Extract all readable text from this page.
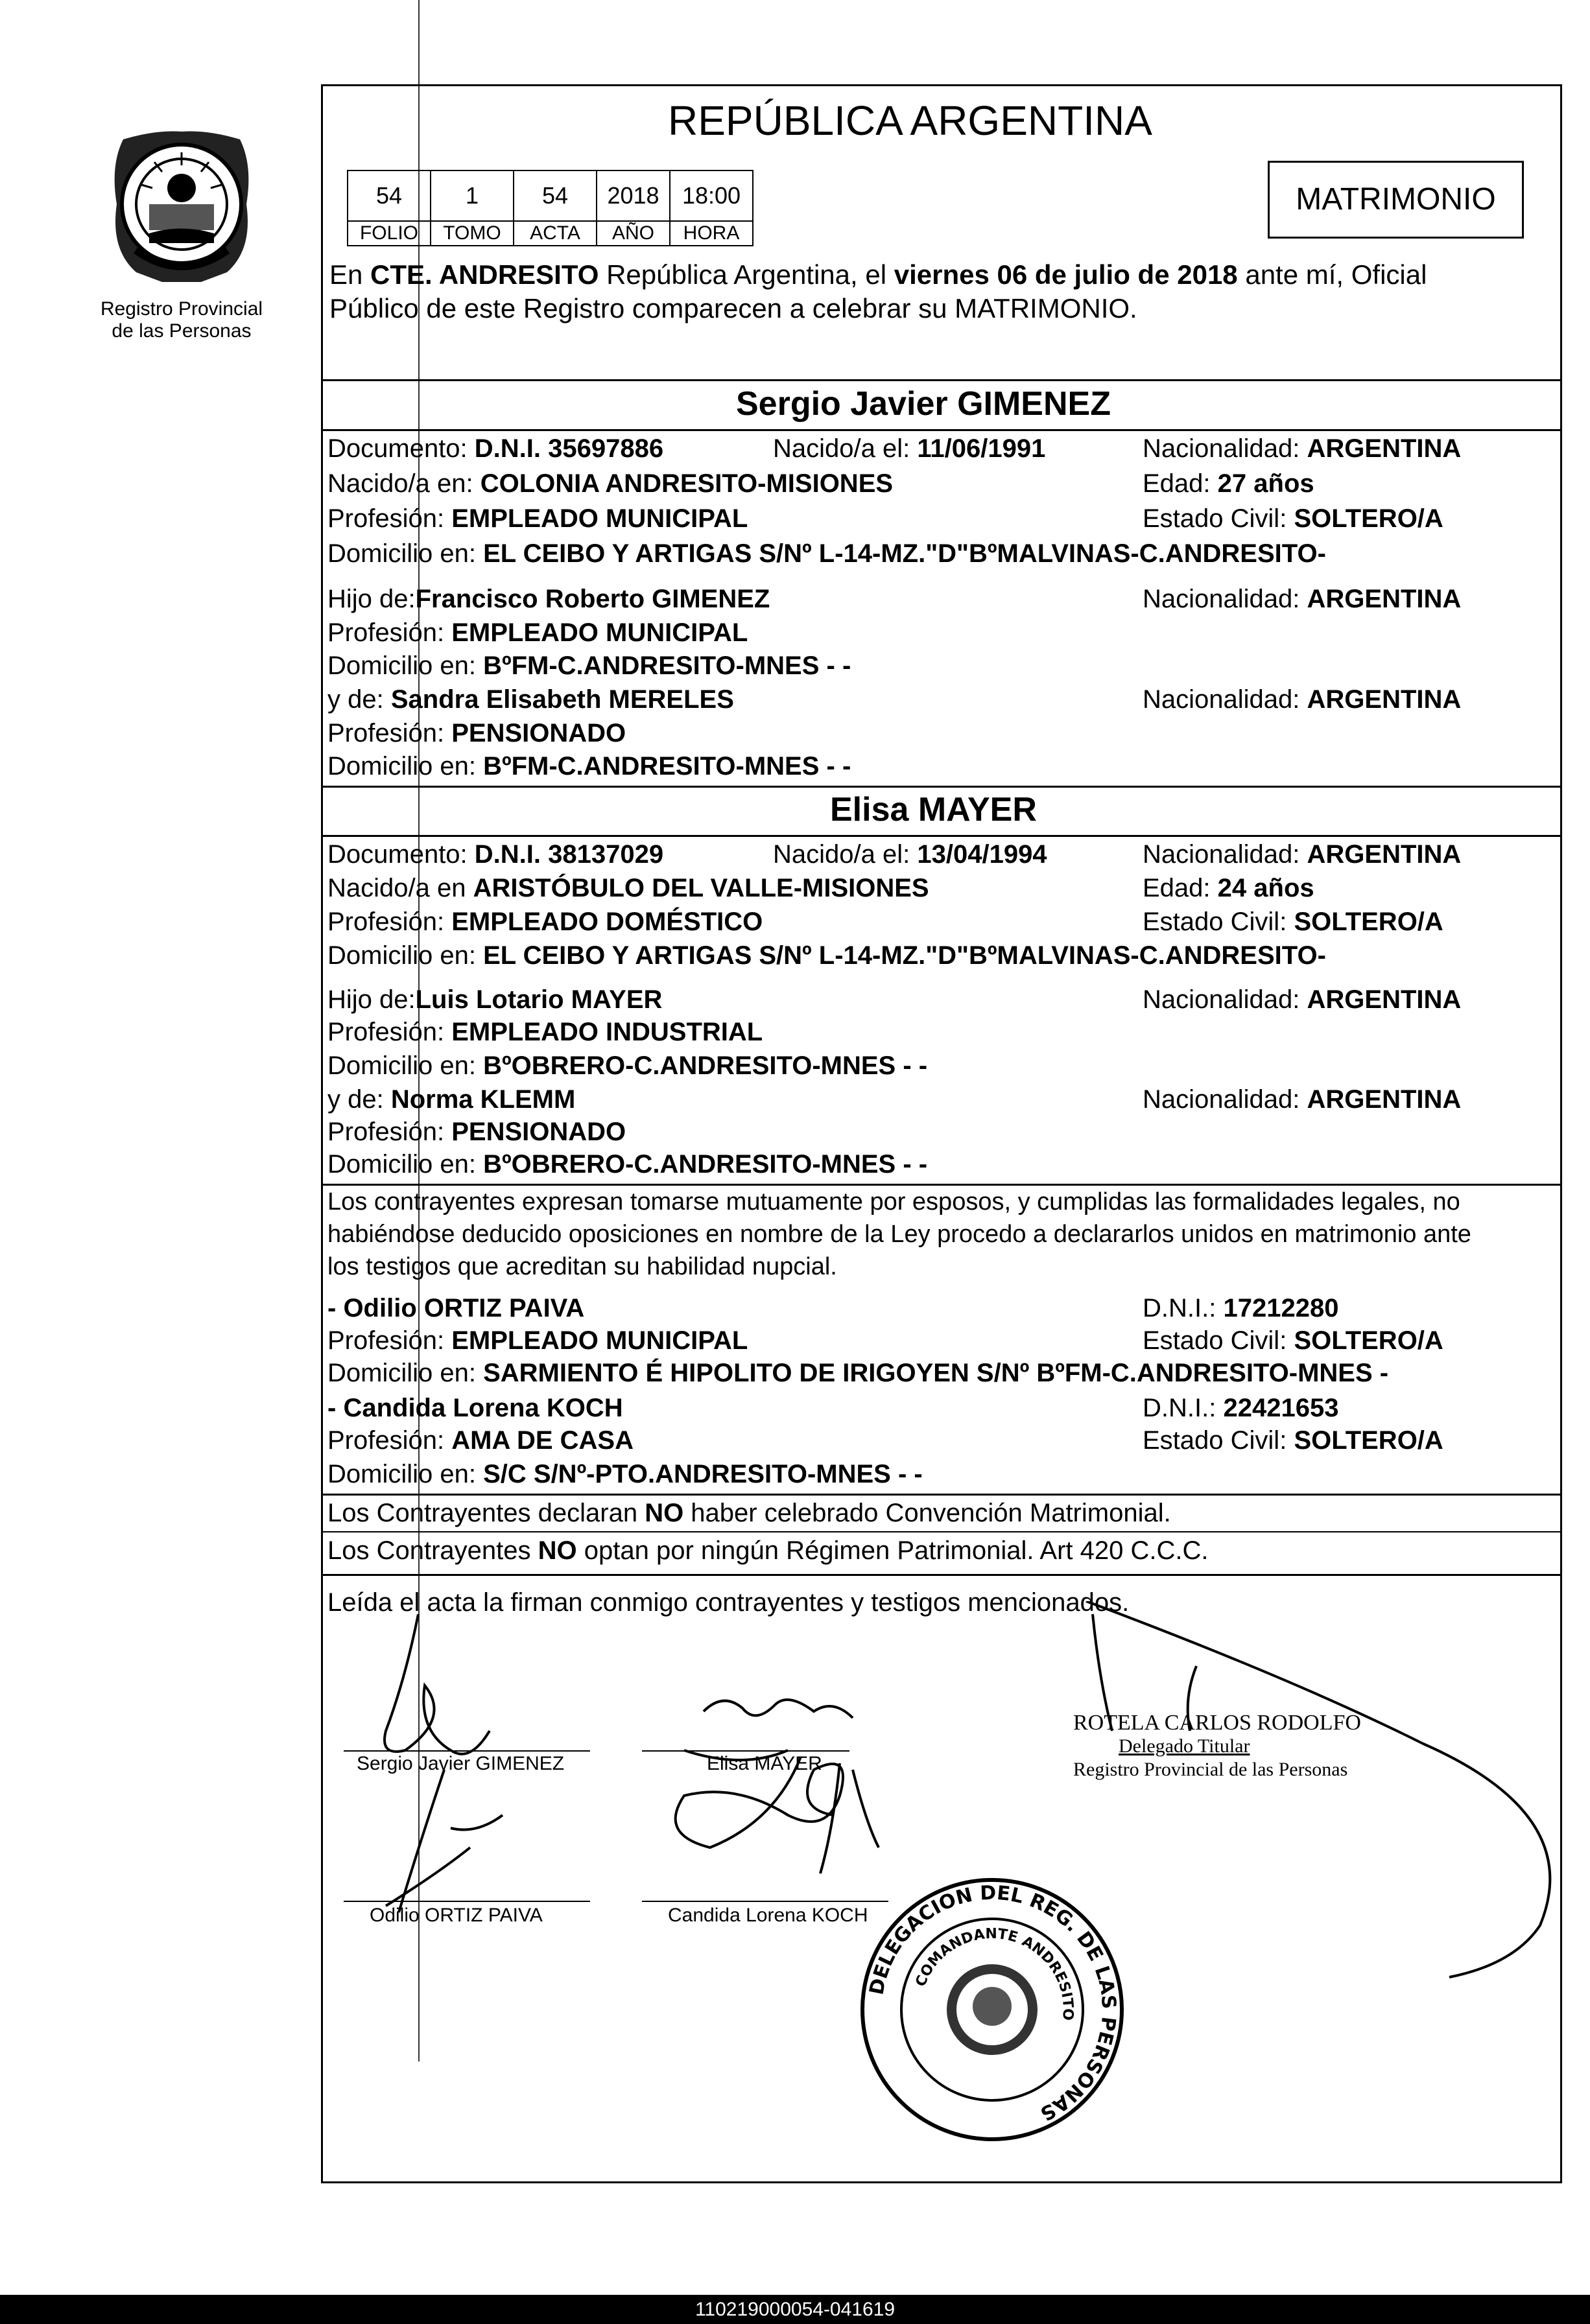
Registro Provincial
de las Personas
REPÚBLICA ARGENTINA
54	1	54	2018 18:00
FOLIO	TOMO	ACTA	AÑO	HORA
MATRIMONIO
En CTE. ANDRESITO República Argentina, el viernes 06 de julio de 2018 ante mí, Oficial
Público de este Registro comparecen a celebrar su MATRIMONIO.
Sergio Javier GIMENEZ
Documento: D.N.I. 35697886	Nacido/a el: 11/06/1991	Nacionalidad: ARGENTINA
Nacido/a en: COLONIA ANDRESITO-MISIONES	Edad: 27 años
Profesión: EMPLEADO MUNICIPAL	Estado Civil: SOLTERO/A
Domicilio en: EL CEIBO Y ARTIGAS S/Nº L-14-MZ."D"BºMALVINAS-C.ANDRESITO-
Hijo de:Francisco Roberto GIMENEZ	Nacionalidad: ARGENTINA
Profesión: EMPLEADO MUNICIPAL
Domicilio en: BºFM-C.ANDRESITO-MNES - -
y de: Sandra Elisabeth MERELES	Nacionalidad: ARGENTINA
Profesión: PENSIONADO
Domicilio en: BºFM-C.ANDRESITO-MNES - -
Elisa MAYER
Documento: D.N.I. 38137029	Nacido/a el: 13/04/1994	Nacionalidad: ARGENTINA
Nacido/a en ARISTÓBULO DEL VALLE-MISIONES	Edad: 24 años
Profesión: EMPLEADO DOMÉSTICO	Estado Civil: SOLTERO/A
Domicilio en: EL CEIBO Y ARTIGAS S/Nº L-14-MZ."D"BºMALVINAS-C.ANDRESITO-
Hijo de:Luis Lotario MAYER	Nacionalidad: ARGENTINA
Profesión: EMPLEADO INDUSTRIAL
Domicilio en: BºOBRERO-C.ANDRESITO-MNES - -
y de: Norma KLEMM	Nacionalidad: ARGENTINA
Profesión: PENSIONADO
Domicilio en: BºOBRERO-C.ANDRESITO-MNES - -
Los contrayentes expresan tomarse mutuamente por esposos, y cumplidas las formalidades legales, no
habiéndose deducido oposiciones en nombre de la Ley procedo a declararlos unidos en matrimonio ante
los testigos que acreditan su habilidad nupcial.
- Odilio ORTIZ PAIVA	D.N.I.: 17212280
Profesión: EMPLEADO MUNICIPAL	Estado Civil: SOLTERO/A
Domicilio en: SARMIENTO É HIPOLITO DE IRIGOYEN S/Nº BºFM-C.ANDRESITO-MNES -
- Candida Lorena KOCH	D.N.I.: 22421653
Profesión: AMA DE CASA	Estado Civil: SOLTERO/A
Domicilio en: S/C S/Nº-PTO.ANDRESITO-MNES - -
Los Contrayentes declaran NO haber celebrado Convención Matrimonial.
Los Contrayentes NO optan por ningún Régimen Patrimonial. Art 420 C.C.C.
Leída el acta la firman conmigo contrayentes y testigos mencionados.
Sergio Javier GIMENEZ	Elisa MAYER
Odilio ORTIZ PAIVA	Candida Lorena KOCH
ROTELA CARLOS RODOLFO
Delegado Titular
Registro Provincial de las Personas
DELEGACION DEL REG. DE LAS PERSONAS
COMANDANTE ANDRESITO
110219000054-041619
